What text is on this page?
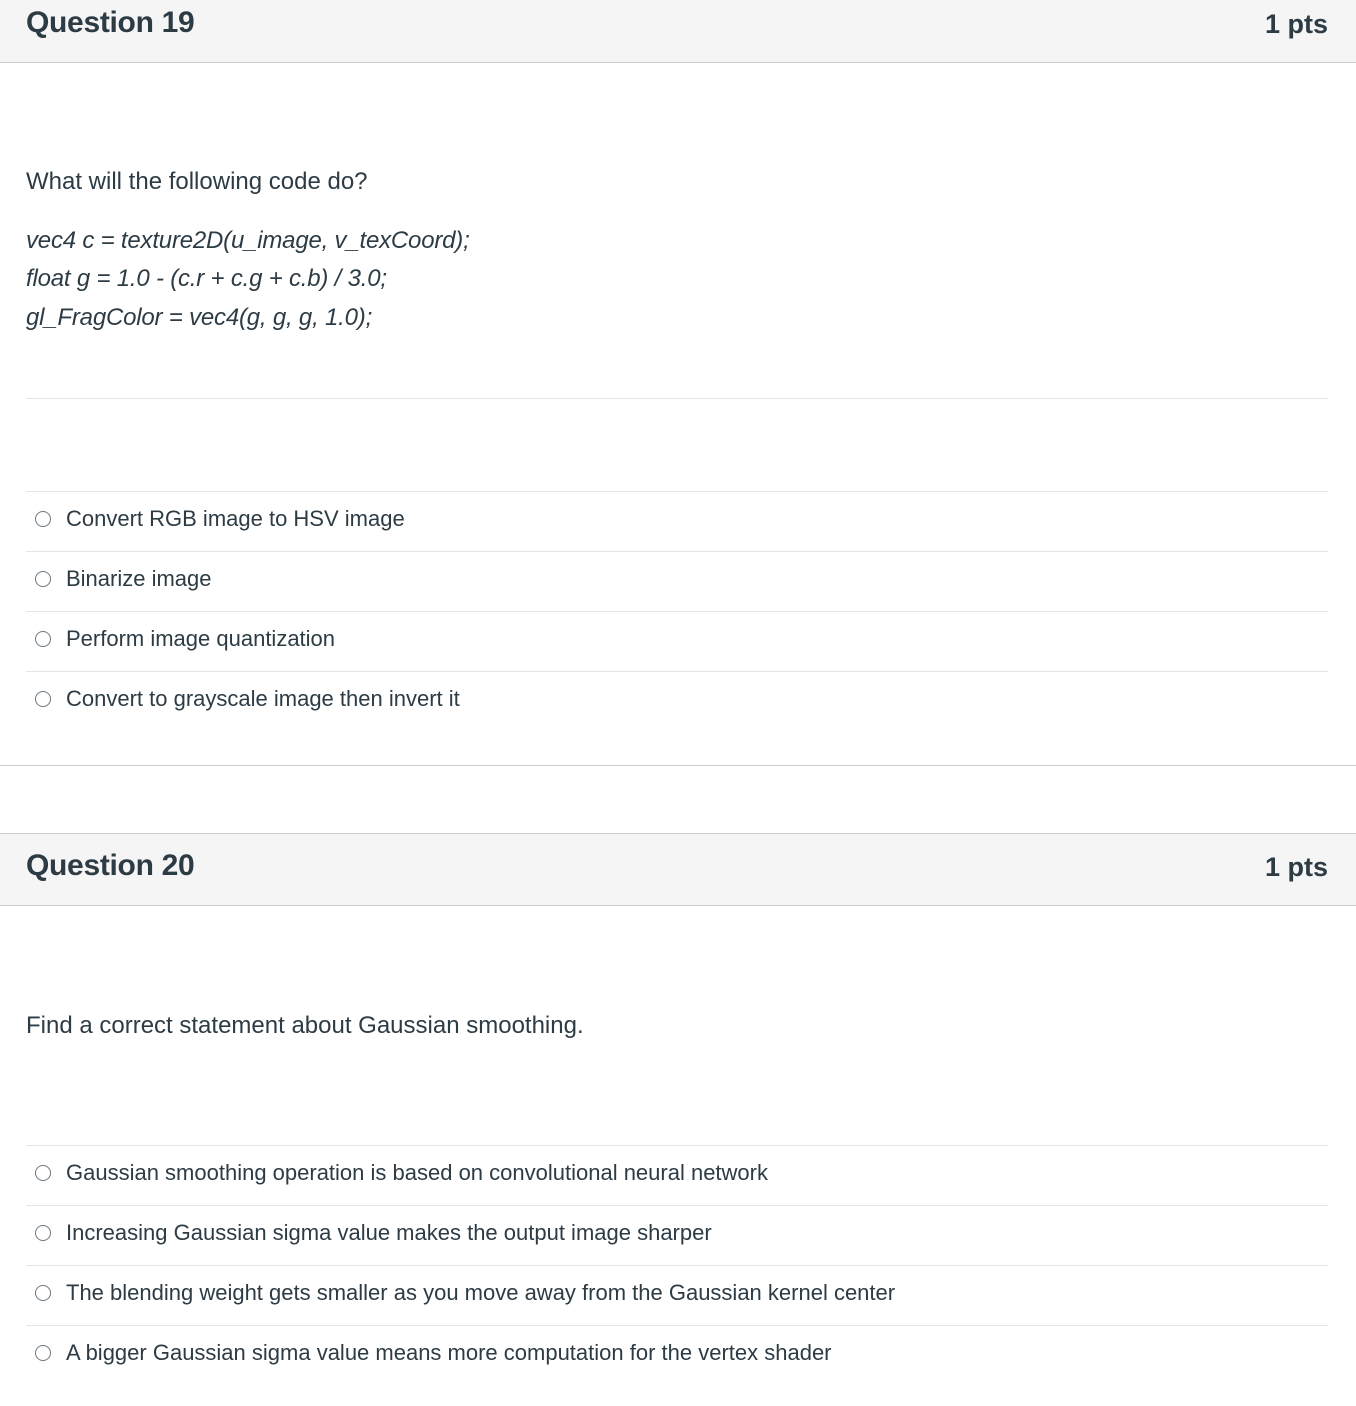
Question 19	1 pts
What will the following code do?
vec4 c = texture2D(u_image, v_texCoord);
float g = 1.0 - (c.r + c.g + c.b) / 3.0;
gl_FragColor = vec4(g, g, g, 1.0);
Convert RGB image to HSV image
Binarize image
Perform image quantization
Convert to grayscale image then invert it
Question 20	1 pts
Find a correct statement about Gaussian smoothing.
Gaussian smoothing operation is based on convolutional neural network
Increasing Gaussian sigma value makes the output image sharper
The blending weight gets smaller as you move away from the Gaussian kernel center
A bigger Gaussian sigma value means more computation for the vertex shader
